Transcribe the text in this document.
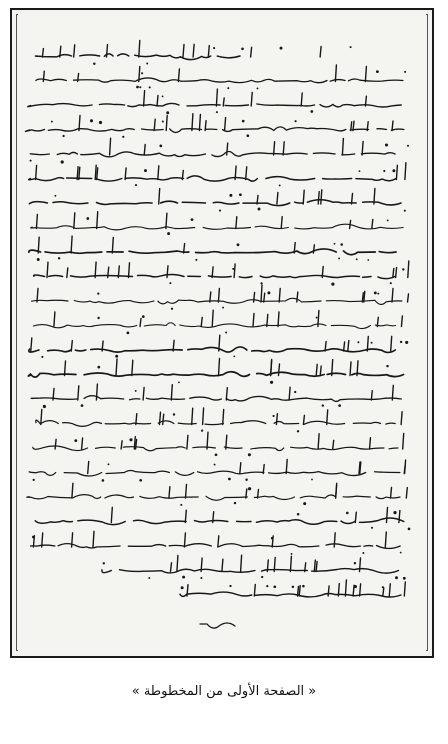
« الصفحة الأولى من المخطوطة »
